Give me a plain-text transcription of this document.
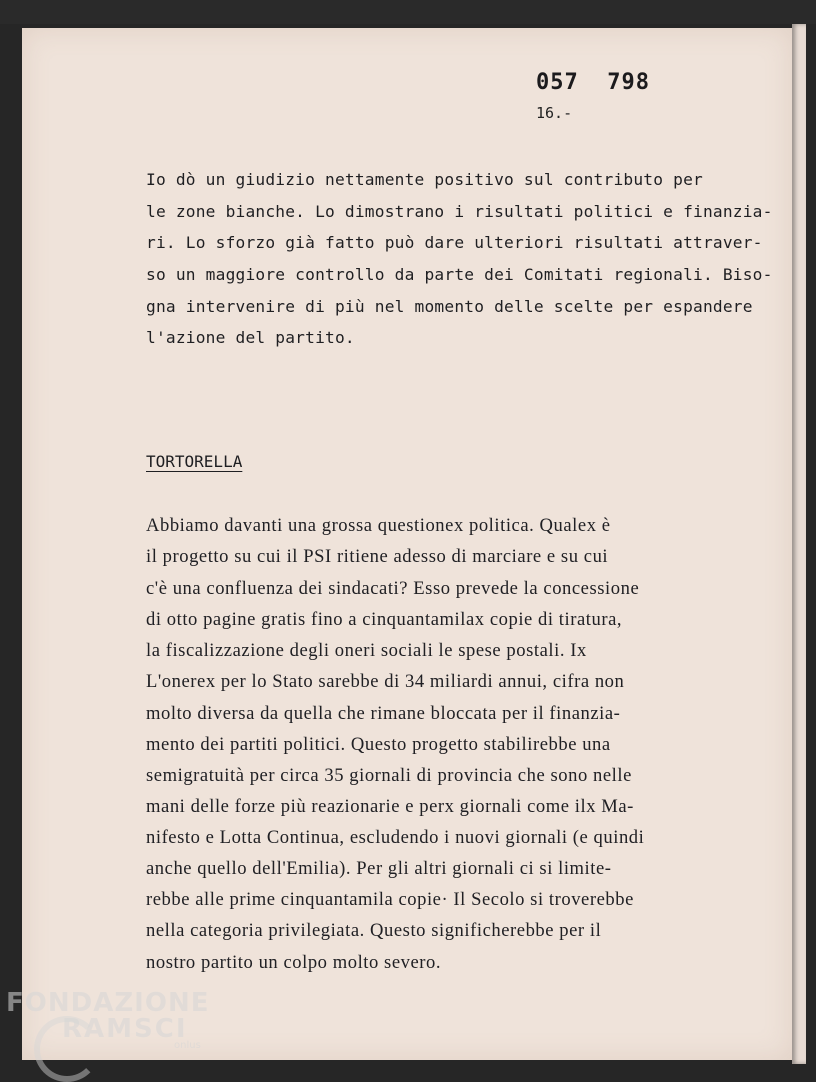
057  798
16.-
Io dò un giudizio nettamente positivo sul contributo per
le zone bianche. Lo dimostrano i risultati politici e finanzia-
ri. Lo sforzo già fatto può dare ulteriori risultati attraver-
so un maggiore controllo da parte dei Comitati regionali. Biso-
gna intervenire di più nel momento delle scelte per espandere
l'azione del partito.
TORTORELLA
Abbiamo davanti una grossa questionex politica. Qualex è
il progetto su cui il PSI ritiene adesso di marciare e su cui
c'è una confluenza dei sindacati? Esso prevede la concessione
di otto pagine gratis fino a cinquantamilax copie di tiratura,
la fiscalizzazione degli oneri sociali le spese postali. Ix
L'onerex per lo Stato sarebbe di 34 miliardi annui, cifra non
molto diversa da quella che rimane bloccata per il finanzia-
mento dei partiti politici. Questo progetto stabilirebbe una
semigratuità per circa 35 giornali di provincia che sono nelle
mani delle forze più reazionarie e perx giornali come ilx Ma-
nifesto e Lotta Continua, escludendo i nuovi giornali (e quindi
anche quello dell'Emilia). Per gli altri giornali ci si limite-
rebbe alle prime cinquantamila copie· Il Secolo si troverebbe
nella categoria privilegiata. Questo significherebbe per il
nostro partito un colpo molto severo.
FONDAZIONE
RAMSCI
onlus
